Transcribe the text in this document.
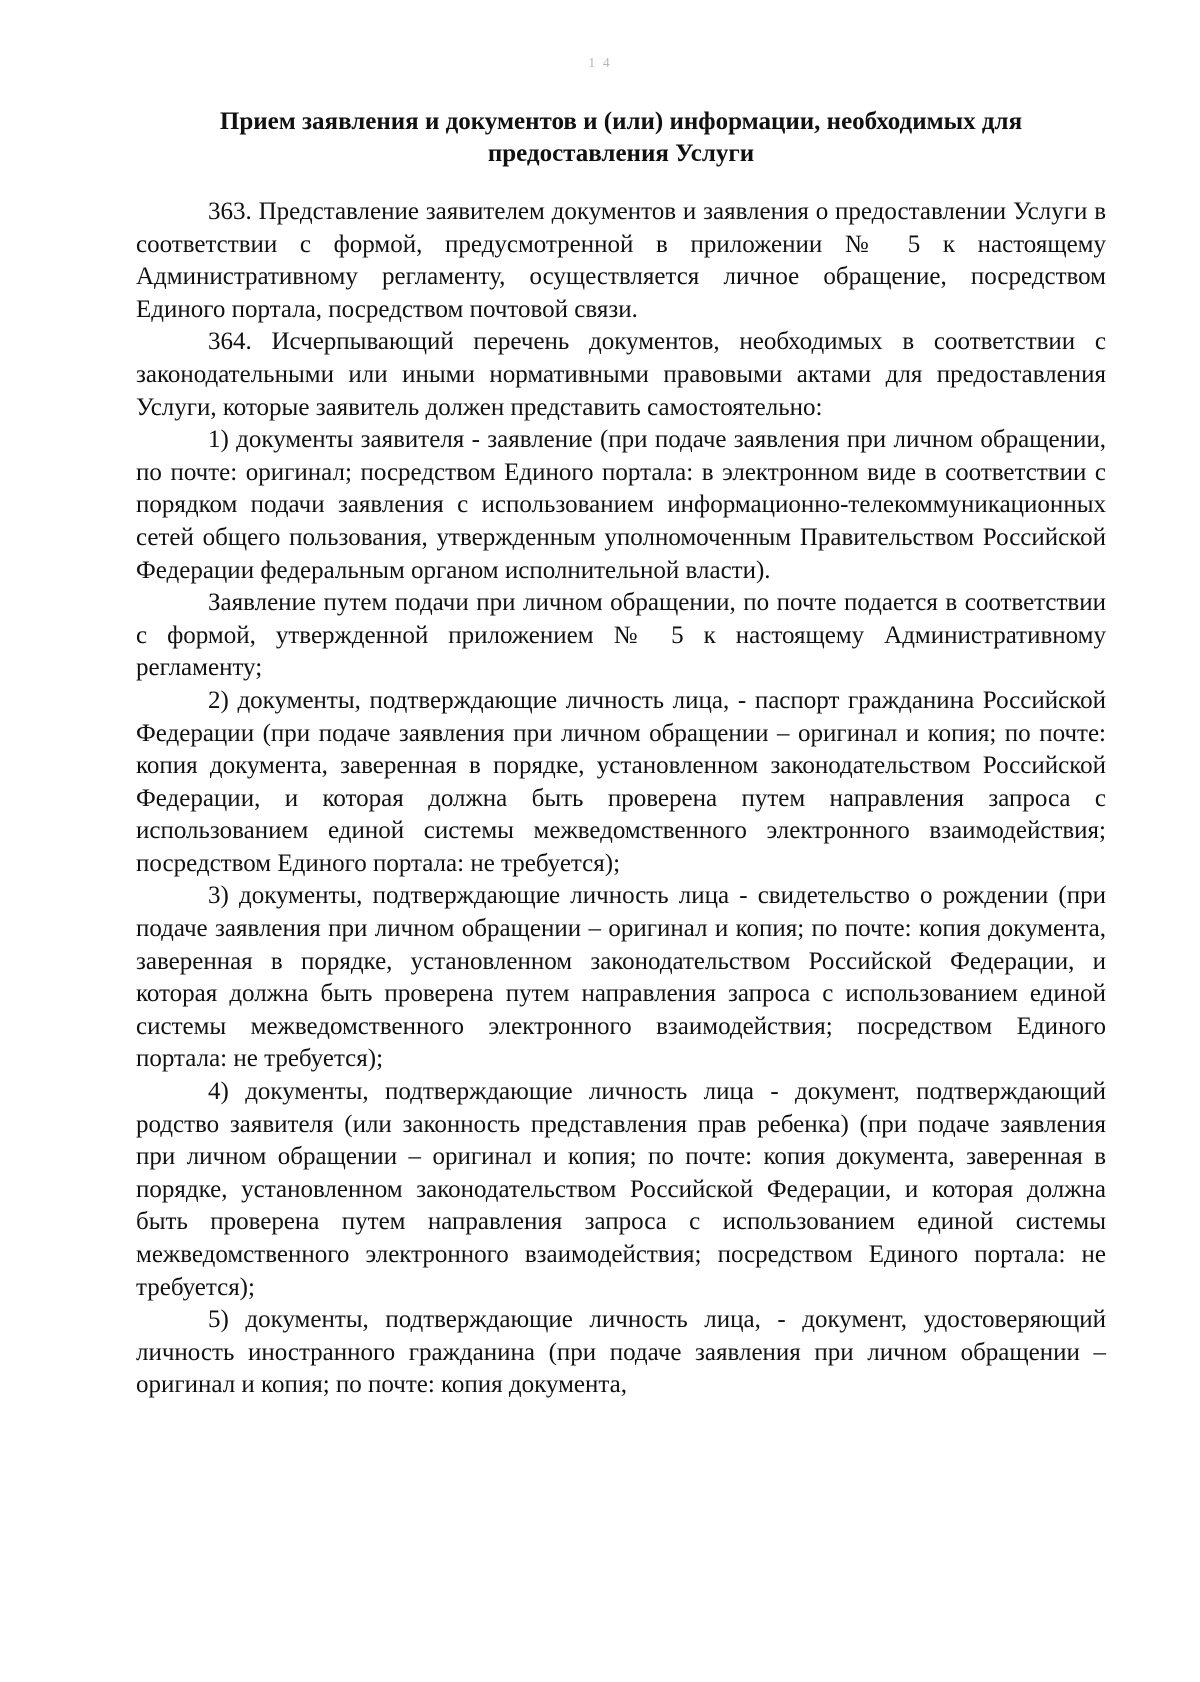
1 4
Прием заявления и документов и (или) информации, необходимых для
предоставления Услуги

363. Представление заявителем документов и заявления о предоставлении Услуги в соответствии с формой, предусмотренной в приложении № 5 к настоящему Административному регламенту, осуществляется личное обращение, посредством Единого портала, посредством почтовой связи.

364. Исчерпывающий перечень документов, необходимых в соответствии с законодательными или иными нормативными правовыми актами для предоставления Услуги, которые заявитель должен представить самостоятельно:

1) документы заявителя - заявление (при подаче заявления при личном обращении, по почте: оригинал; посредством Единого портала: в электронном виде в соответствии с порядком подачи заявления с использованием информационно-телекоммуникационных сетей общего пользования, утвержденным уполномоченным Правительством Российской Федерации федеральным органом исполнительной власти).

Заявление путем подачи при личном обращении, по почте подается в соответствии с формой, утвержденной приложением № 5 к настоящему Административному регламенту;

2) документы, подтверждающие личность лица, - паспорт гражданина Российской Федерации (при подаче заявления при личном обращении – оригинал и копия; по почте: копия документа, заверенная в порядке, установленном законодательством Российской Федерации, и которая должна быть проверена путем направления запроса с использованием единой системы межведомственного электронного взаимодействия; посредством Единого портала: не требуется);

3) документы, подтверждающие личность лица - свидетельство о рождении (при подаче заявления при личном обращении – оригинал и копия; по почте: копия документа, заверенная в порядке, установленном законодательством Российской Федерации, и которая должна быть проверена путем направления запроса с использованием единой системы межведомственного электронного взаимодействия; посредством Единого портала: не требуется);

4) документы, подтверждающие личность лица - документ, подтверждающий родство заявителя (или законность представления прав ребенка) (при подаче заявления при личном обращении – оригинал и копия; по почте: копия документа, заверенная в порядке, установленном законодательством Российской Федерации, и которая должна быть проверена путем направления запроса с использованием единой системы межведомственного электронного взаимодействия; посредством Единого портала: не требуется);

5) документы, подтверждающие личность лица, - документ, удостоверяющий личность иностранного гражданина (при подаче заявления при личном обращении – оригинал и копия; по почте: копия документа,
